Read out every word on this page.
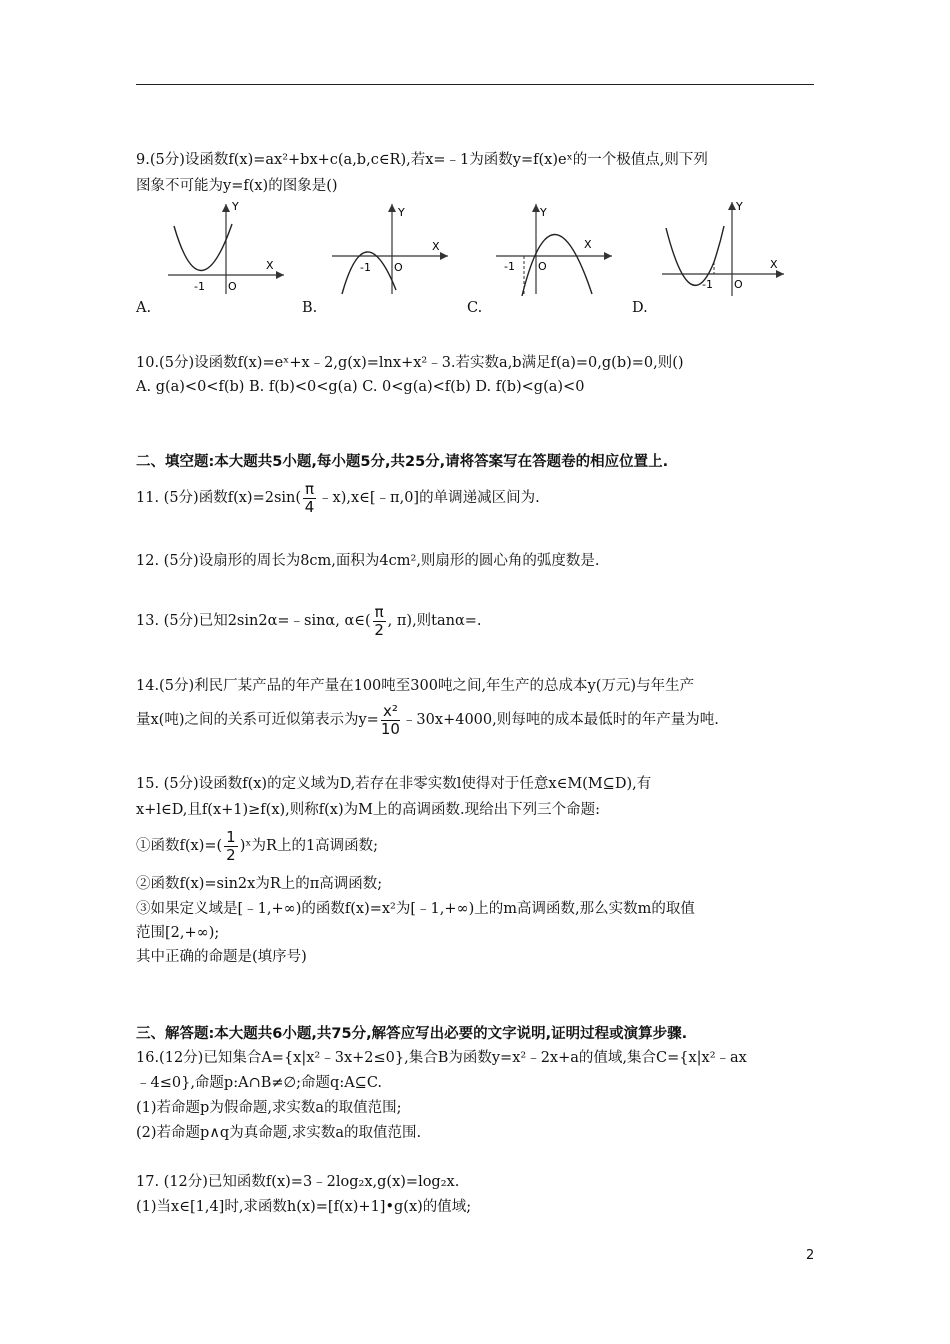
9.(5分)设函数f(x)=ax²+bx+c(a,b,c∈R),若x=﹣1为函数y=f(x)eˣ的一个极值点,则下列
图象不可能为y=f(x)的图象是()
Y
X
-1 O
A.
Y
X
-1 O
B.
Y
X
-1 O
C.
Y
X
-1 O
D.
10.(5分)设函数f(x)=eˣ+x﹣2,g(x)=lnx+x²﹣3.若实数a,b满足f(a)=0,g(b)=0,则()
A. g(a)<0<f(b) B. f(b)<0<g(a) C. 0<g(a)<f(b) D. f(b)<g(a)<0
二、填空题:本大题共5小题,每小题5分,共25分,请将答案写在答题卷的相应位置上.
11. (5分)函数$f(x)=2\sin( \frac{\pi}{4}$ ﹣x),x∈[﹣π,0]的单调递减区间为.
12. (5分)设扇形的周长为8cm,面积为4cm²,则扇形的圆心角的弧度数是.
13. (5分)已知2sin2α=﹣sinα, α∈( $\frac{\pi}{2}$ , π),则tanα=.
14.(5分)利民厂某产品的年产量在100吨至300吨之间,年生产的总成本y(万元)与年生产
量x(吨)之间的关系可近似第表示为$y= \frac{\text{x²}}{10}$ ﹣30x+4000,则每吨的成本最低时的年产量为吨.
15. (5分)设函数f(x)的定义域为D,若存在非零实数l使得对于任意x∈M(M⊆D),有
x+l∈D,且f(x+1)≥f(x),则称f(x)为M上的高调函数.现给出下列三个命题:
①函数$f(x)=( \frac{1}{2}$ )ˣ为R上的1高调函数;
②函数f(x)=sin2x为R上的π高调函数;
③如果定义域是[﹣1,+∞)的函数f(x)=x²为[﹣1,+∞)上的m高调函数,那么实数m的取值
范围[2,+∞);
其中正确的命题是(填序号)
三、解答题:本大题共6小题,共75分,解答应写出必要的文字说明,证明过程或演算步骤.
16.(12分)已知集合A={x|x²﹣3x+2≤0},集合B为函数y=x²﹣2x+a的值域,集合C={x|x²﹣ax
﹣4≤0},命题p:A∩B≠∅;命题q:A⊆C.
(1)若命题p为假命题,求实数a的取值范围;
(2)若命题p∧q为真命题,求实数a的取值范围.
17. (12分)已知函数f(x)=3﹣2log₂x,g(x)=log₂x.
(1)当x∈[1,4]时,求函数h(x)=[f(x)+1]•g(x)的值域;
2
